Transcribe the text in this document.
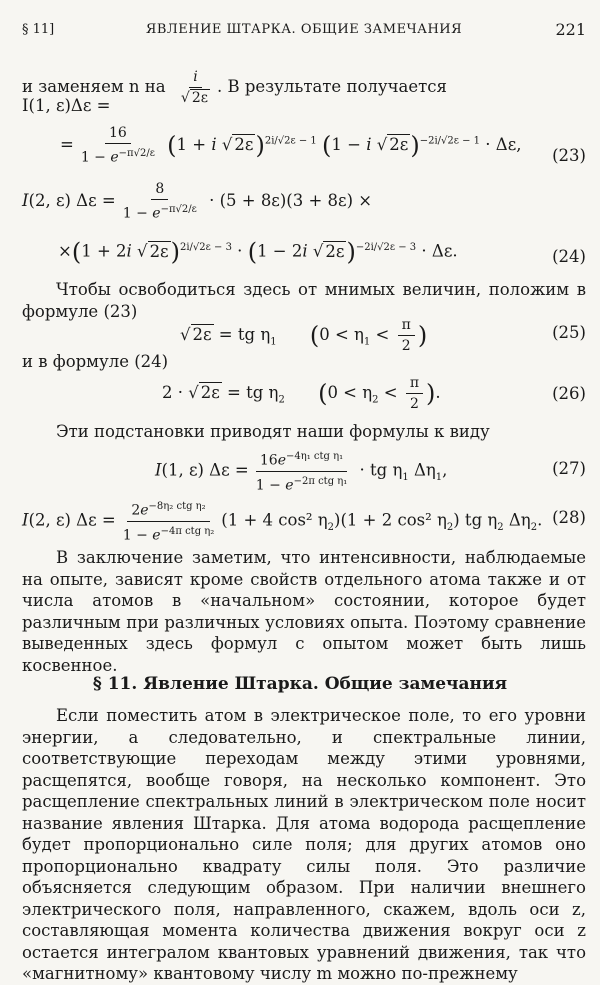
§ 11]	ЯВЛЕНИЕ ШТАРКА. ОБЩИЕ ЗАМЕЧАНИЯ	221
и заменяем n на $\frac{i}{√ 2\varepsilon}$ . В результате получается
I(1, ε)Δε =
= $\frac{16}{1 - e^{-\pi√2/\varepsilon}} (1 + i$ √ 2ε)$^{2i/√2\varepsilon - 1}$ (1 − i √ 2ε)$^{-2i/√2\varepsilon - 1}$ · Δε,
(23)
I(2, ε) $\Delta\varepsilon = \frac{8}{1 - e^{-\pi√2/\varepsilon}} \cdot (5 + 8\varepsilon)(3 + 8\varepsilon)$ ×
×(1 + 2i √ 2ε)$^{2i/√2\varepsilon - 3}$ · (1 − 2i √ 2ε)$^{-2i/√2\varepsilon - 3}$ · Δε.	(24)
Чтобы освободиться здесь от мнимых величин, положим в формуле (23)
√ 2ε = tg $\eta_1$ ($0 < \eta_1 < \frac{\pi}{2}$ )	(25)
и в формуле (24)
2 · √ 2ε = tg $\eta_2$ ($0 < \eta_2 < \frac{\pi}{2}$ ).	(26)
Эти подстановки приводят наши формулы к виду
I(1, ε) $\Delta\varepsilon = \frac{16e^{-4\eta_1 ctg \eta_1}}{1 - e^{-2\pi ctg \eta_1}}$ · tg $\eta_1$ $\Delta\eta_1$,	(27)
I(2, ε) $\Delta\varepsilon = \frac{2e^{-8\eta_2 ctg \eta_2}}{1 - e^{-4\pi ctg \eta_2}} (1 + 4$ cos² $\eta_2)(1 + 2$ cos² $\eta_2$) tg $\eta_2$ $\Delta\eta_2$. (28)
В заключение заметим, что интенсивности, наблюдаемые на опыте, зависят кроме свойств отдельного атома также и от числа атомов в «начальном» состоянии, которое будет различным при различных условиях опыта. Поэтому сравнение выведенных здесь формул с опытом может быть лишь косвенное.
§ 11. Явление Штарка. Общие замечания
Если поместить атом в электрическое поле, то его уровни энергии, а следовательно, и спектральные линии, соответствующие переходам между этими уровнями, расщепятся, вообще говоря, на несколько компонент. Это расщепление спектральных линий в электрическом поле носит название явления Штарка. Для атома водорода расщепление будет пропорционально силе поля; для других атомов оно пропорционально квадрату силы поля. Это различие объясняется следующим образом. При наличии внешнего электрического поля, направленного, скажем, вдоль оси z, составляющая момента количества движения вокруг оси z остается интегралом квантовых уравнений движения, так что «магнитному» квантовому числу m можно по-прежнему
